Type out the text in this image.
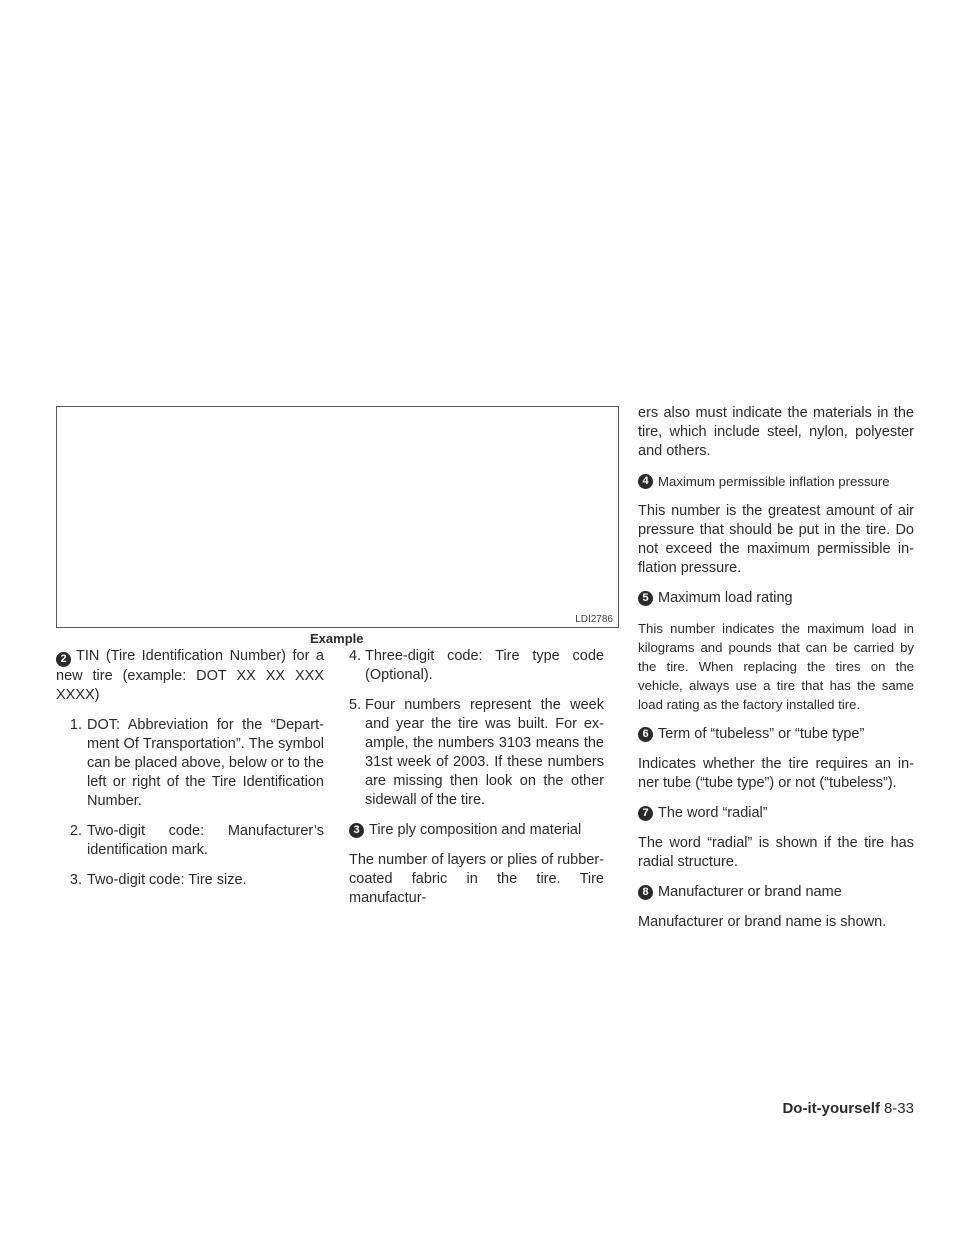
LDI2786
Example

2 TIN (Tire Identification Number) for a new tire (example: DOT XX XX XXX XXXX)

1. DOT: Abbreviation for the “Depart-ment Of Transportation”. The symbol can be placed above, below or to the left or right of the Tire Identification Number.
2. Two-digit code: Manufacturer’s identification mark.
3. Two-digit code: Tire size.
4. Three-digit code: Tire type code (Optional).
5. Four numbers represent the week and year the tire was built. For ex-ample, the numbers 3103 means the 31st week of 2003. If these numbers are missing then look on the other sidewall of the tire.
3 Tire ply composition and material

The number of layers or plies of rubber-coated fabric in the tire. Tire manufactur-

ers also must indicate the materials in the tire, which include steel, nylon, polyester and others.

4 Maximum permissible inflation pressure

This number is the greatest amount of air pressure that should be put in the tire. Do not exceed the maximum permissible in-flation pressure.

5 Maximum load rating

This number indicates the maximum load in kilograms and pounds that can be carried by the tire. When replacing the tires on the vehicle, always use a tire that has the same load rating as the factory installed tire.

6 Term of “tubeless” or “tube type”

Indicates whether the tire requires an in-ner tube (“tube type”) or not (“tubeless”).

7 The word “radial”

The word “radial” is shown if the tire has radial structure.

8 Manufacturer or brand name

Manufacturer or brand name is shown.

Do-it-yourself 8-33
